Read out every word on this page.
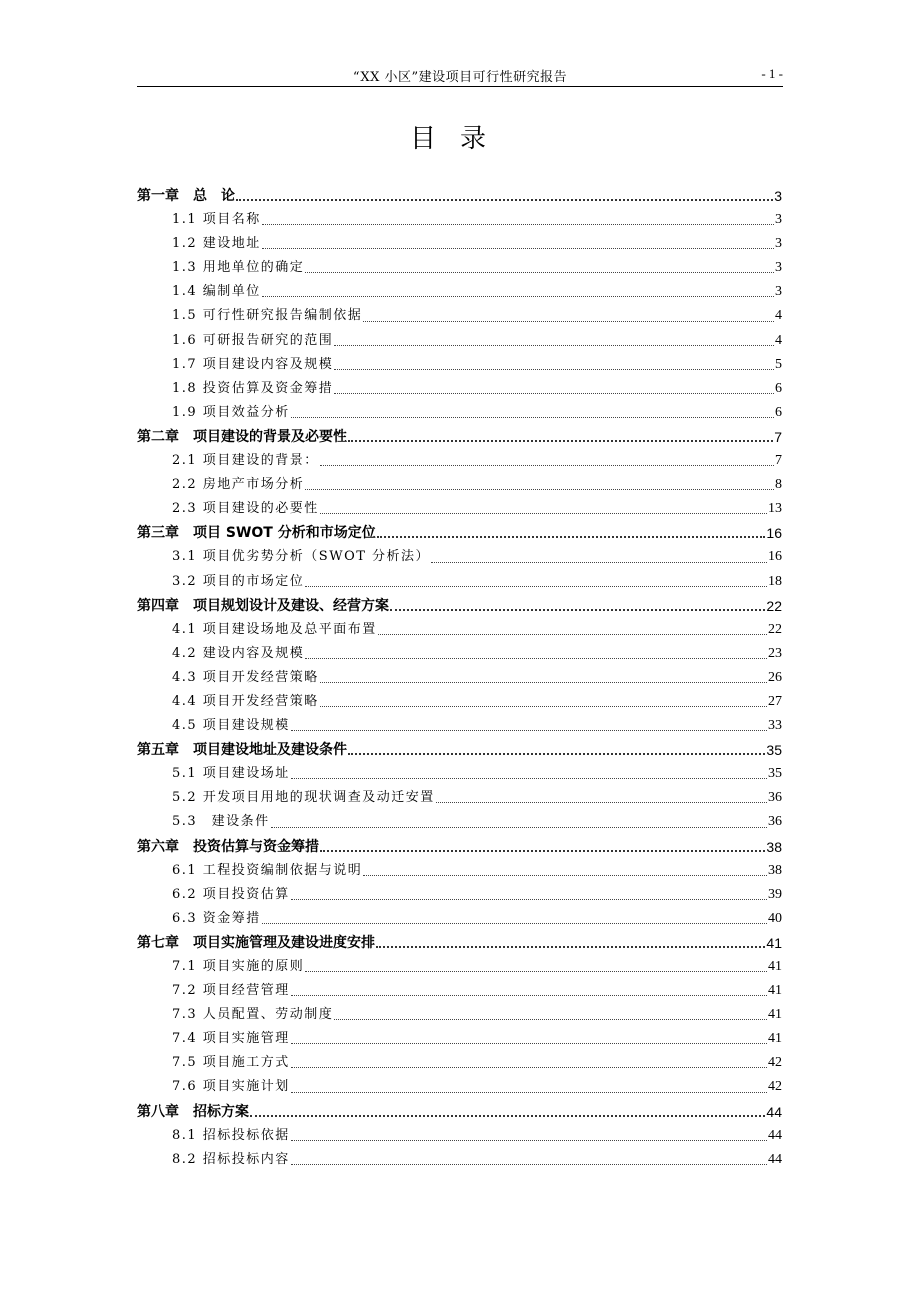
“XX 小区”建设项目可行性研究报告	- 1 -
目录
第一章　总　论	3
1.1 项目名称	3
1.2 建设地址	3
1.3 用地单位的确定	3
1.4 编制单位	3
1.5 可行性研究报告编制依据	4
1.6 可研报告研究的范围	4
1.7 项目建设内容及规模	5
1.8 投资估算及资金筹措	6
1.9 项目效益分析	6
第二章　项目建设的背景及必要性	7
2.1 项目建设的背景：	7
2.2 房地产市场分析	8
2.3 项目建设的必要性	13
第三章　项目 SWOT 分析和市场定位	16
3.1 项目优劣势分析（SWOT 分析法）	16
3.2 项目的市场定位	18
第四章　项目规划设计及建设、经营方案	22
4.1 项目建设场地及总平面布置	22
4.2 建设内容及规模	23
4.3 项目开发经营策略	26
4.4 项目开发经营策略	27
4.5 项目建设规模	33
第五章　项目建设地址及建设条件	35
5.1 项目建设场址	35
5.2 开发项目用地的现状调查及动迁安置	36
5.3　建设条件	36
第六章　投资估算与资金筹措	38
6.1 工程投资编制依据与说明	38
6.2 项目投资估算	39
6.3 资金筹措	40
第七章　项目实施管理及建设进度安排	41
7.1 项目实施的原则	41
7.2 项目经营管理	41
7.3 人员配置、劳动制度	41
7.4 项目实施管理	41
7.5 项目施工方式	42
7.6 项目实施计划	42
第八章　招标方案	44
8.1 招标投标依据	44
8.2 招标投标内容	44
